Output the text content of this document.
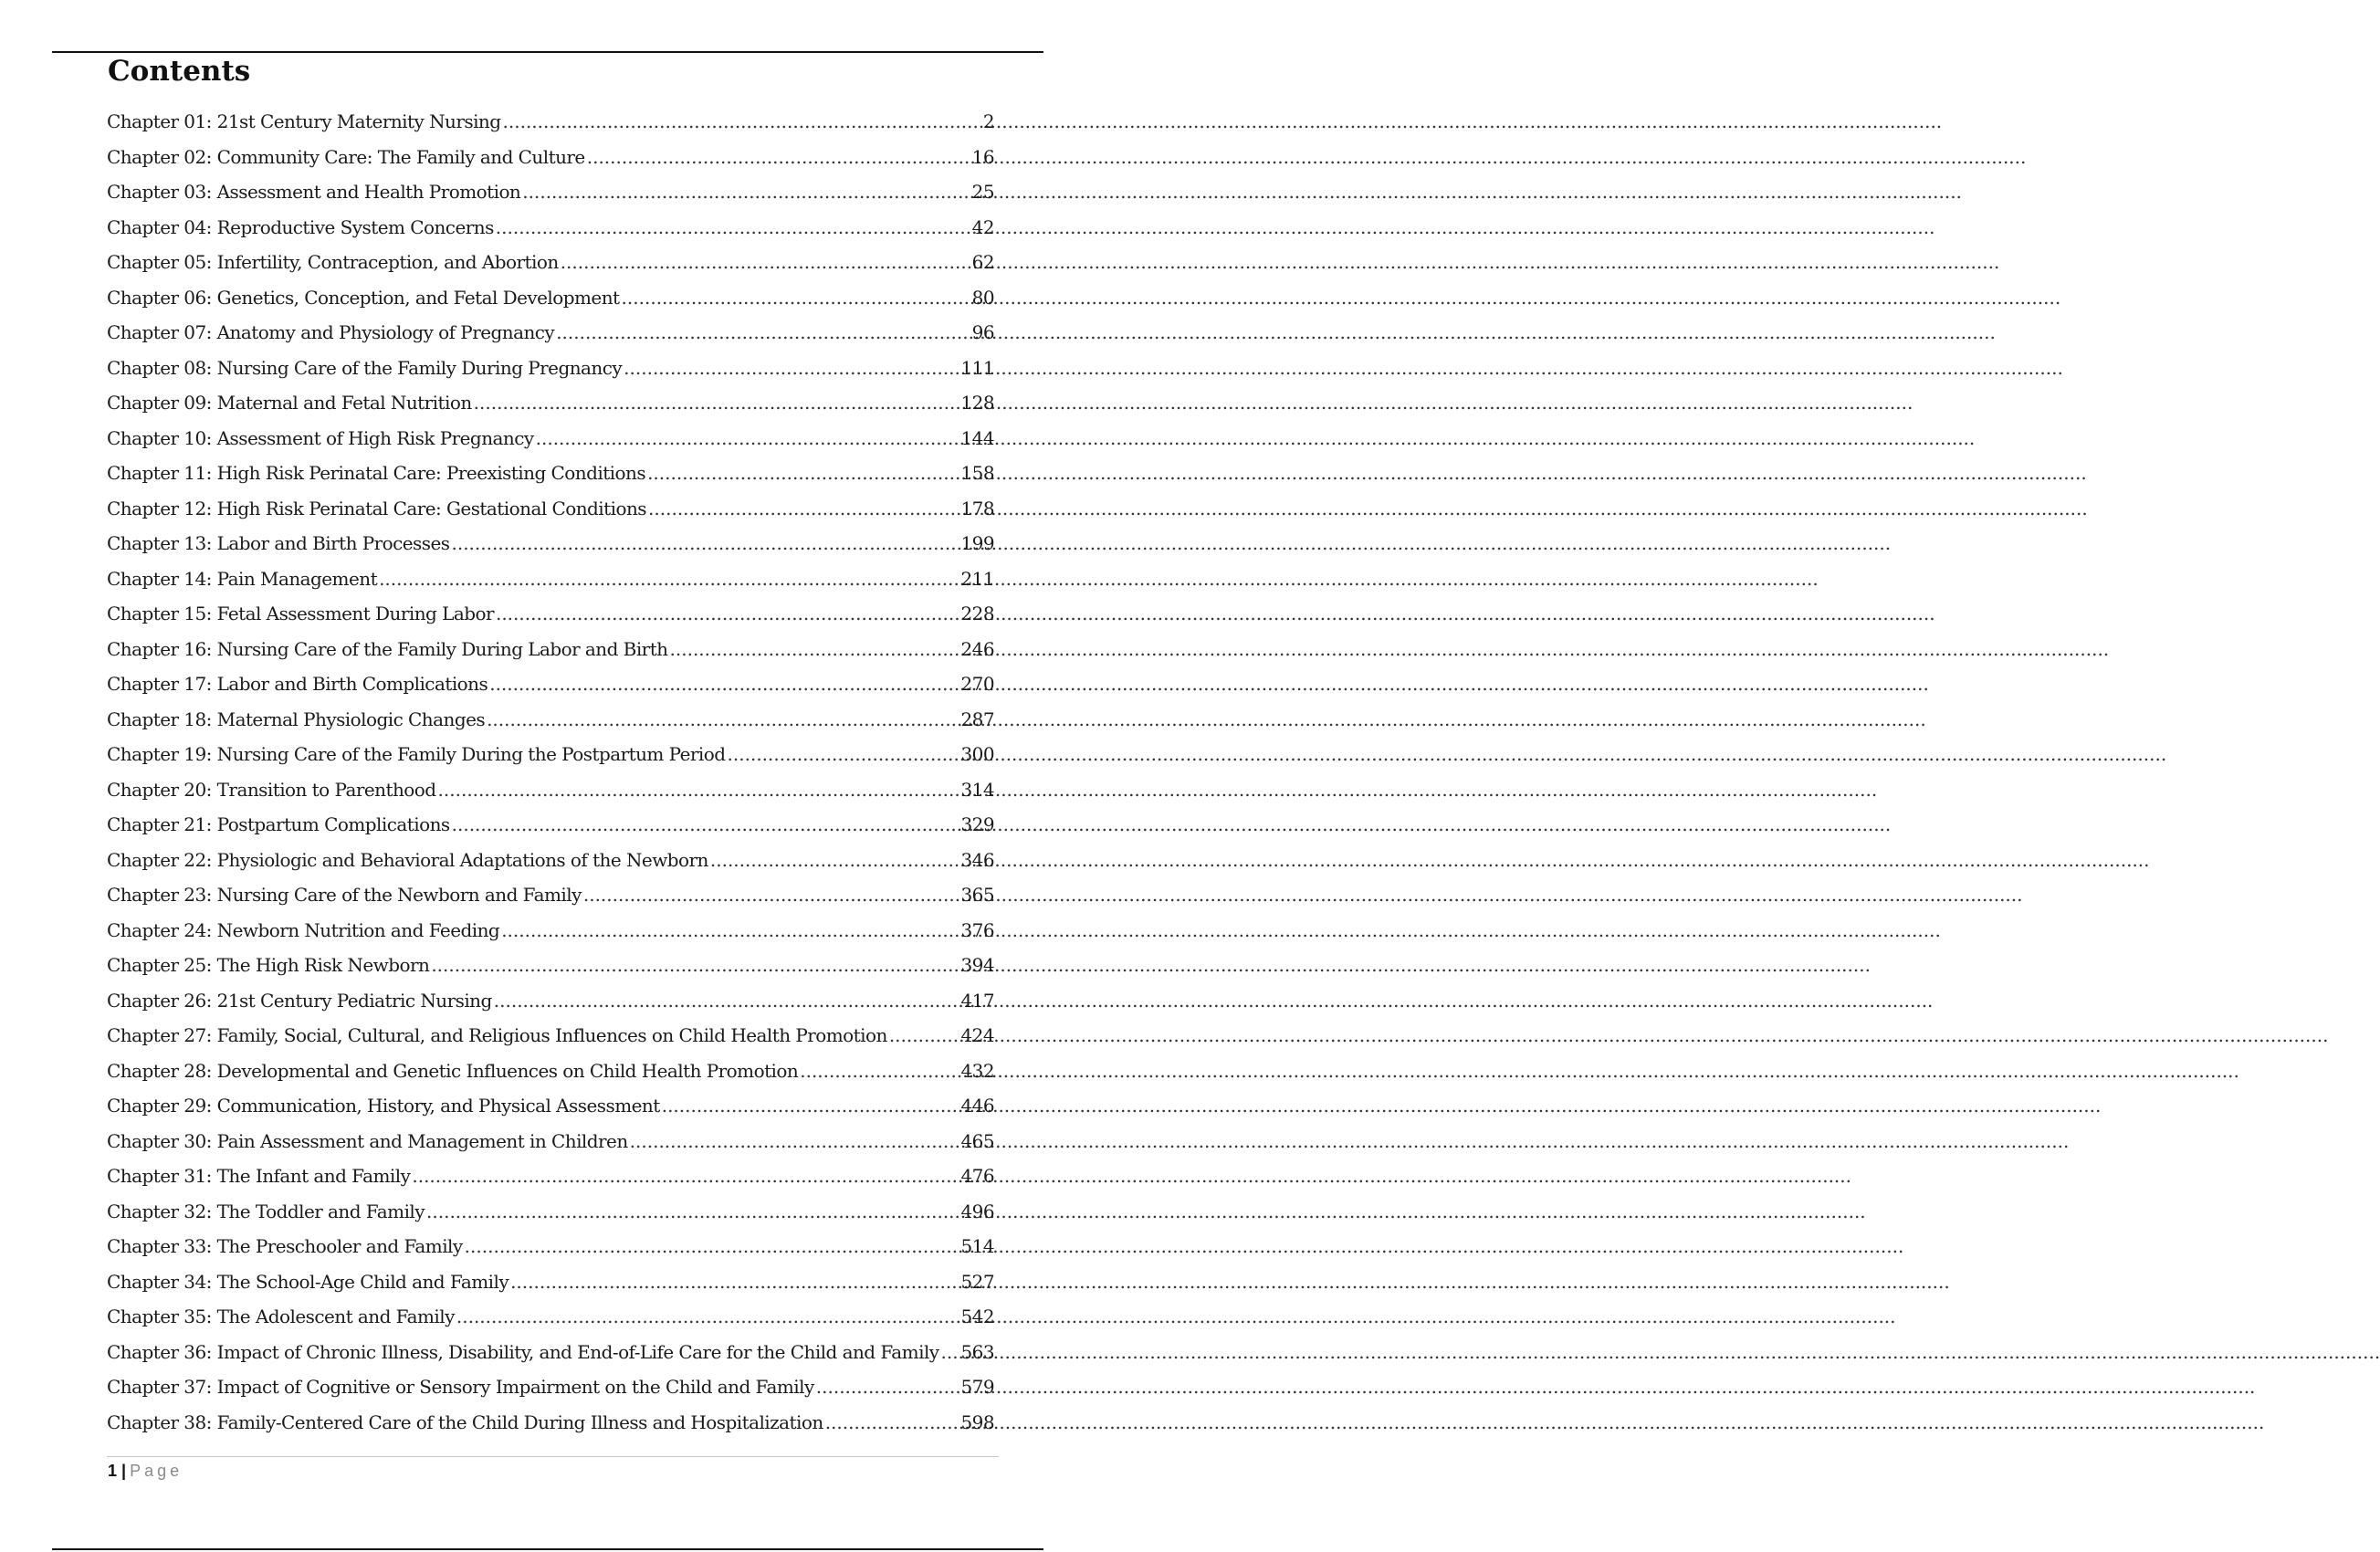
Contents
Chapter 01: 21st Century Maternity Nursing .....	2
Chapter 02: Community Care: The Family and Culture .....	16
Chapter 03: Assessment and Health Promotion .....	25
Chapter 04: Reproductive System Concerns .....	42
Chapter 05: Infertility, Contraception, and Abortion .....	62
Chapter 06: Genetics, Conception, and Fetal Development .....	80
Chapter 07: Anatomy and Physiology of Pregnancy .....	96
Chapter 08: Nursing Care of the Family During Pregnancy .....	111
Chapter 09: Maternal and Fetal Nutrition .....	128
Chapter 10: Assessment of High Risk Pregnancy .....	144
Chapter 11: High Risk Perinatal Care: Preexisting Conditions .....	158
Chapter 12: High Risk Perinatal Care: Gestational Conditions .....	178
Chapter 13: Labor and Birth Processes .....	199
Chapter 14: Pain Management .....	211
Chapter 15: Fetal Assessment During Labor .....	228
Chapter 16: Nursing Care of the Family During Labor and Birth .....	246
Chapter 17: Labor and Birth Complications .....	270
Chapter 18: Maternal Physiologic Changes .....	287
Chapter 19: Nursing Care of the Family During the Postpartum Period .....	300
Chapter 20: Transition to Parenthood .....	314
Chapter 21: Postpartum Complications .....	329
Chapter 22: Physiologic and Behavioral Adaptations of the Newborn .....	346
Chapter 23: Nursing Care of the Newborn and Family .....	365
Chapter 24: Newborn Nutrition and Feeding .....	376
Chapter 25: The High Risk Newborn .....	394
Chapter 26: 21st Century Pediatric Nursing .....	417
Chapter 27: Family, Social, Cultural, and Religious Influences on Child Health Promotion .....	424
Chapter 28: Developmental and Genetic Influences on Child Health Promotion .....	432
Chapter 29: Communication, History, and Physical Assessment .....	446
Chapter 30: Pain Assessment and Management in Children .....	465
Chapter 31: The Infant and Family .....	476
Chapter 32: The Toddler and Family .....	496
Chapter 33: The Preschooler and Family .....	514
Chapter 34: The School-Age Child and Family .....	527
Chapter 35: The Adolescent and Family .....	542
Chapter 36: Impact of Chronic Illness, Disability, and End-of-Life Care for the Child and Family ..... 563
Chapter 37: Impact of Cognitive or Sensory Impairment on the Child and Family .....	579
Chapter 38: Family-Centered Care of the Child During Illness and Hospitalization .....	598
1 | Page
